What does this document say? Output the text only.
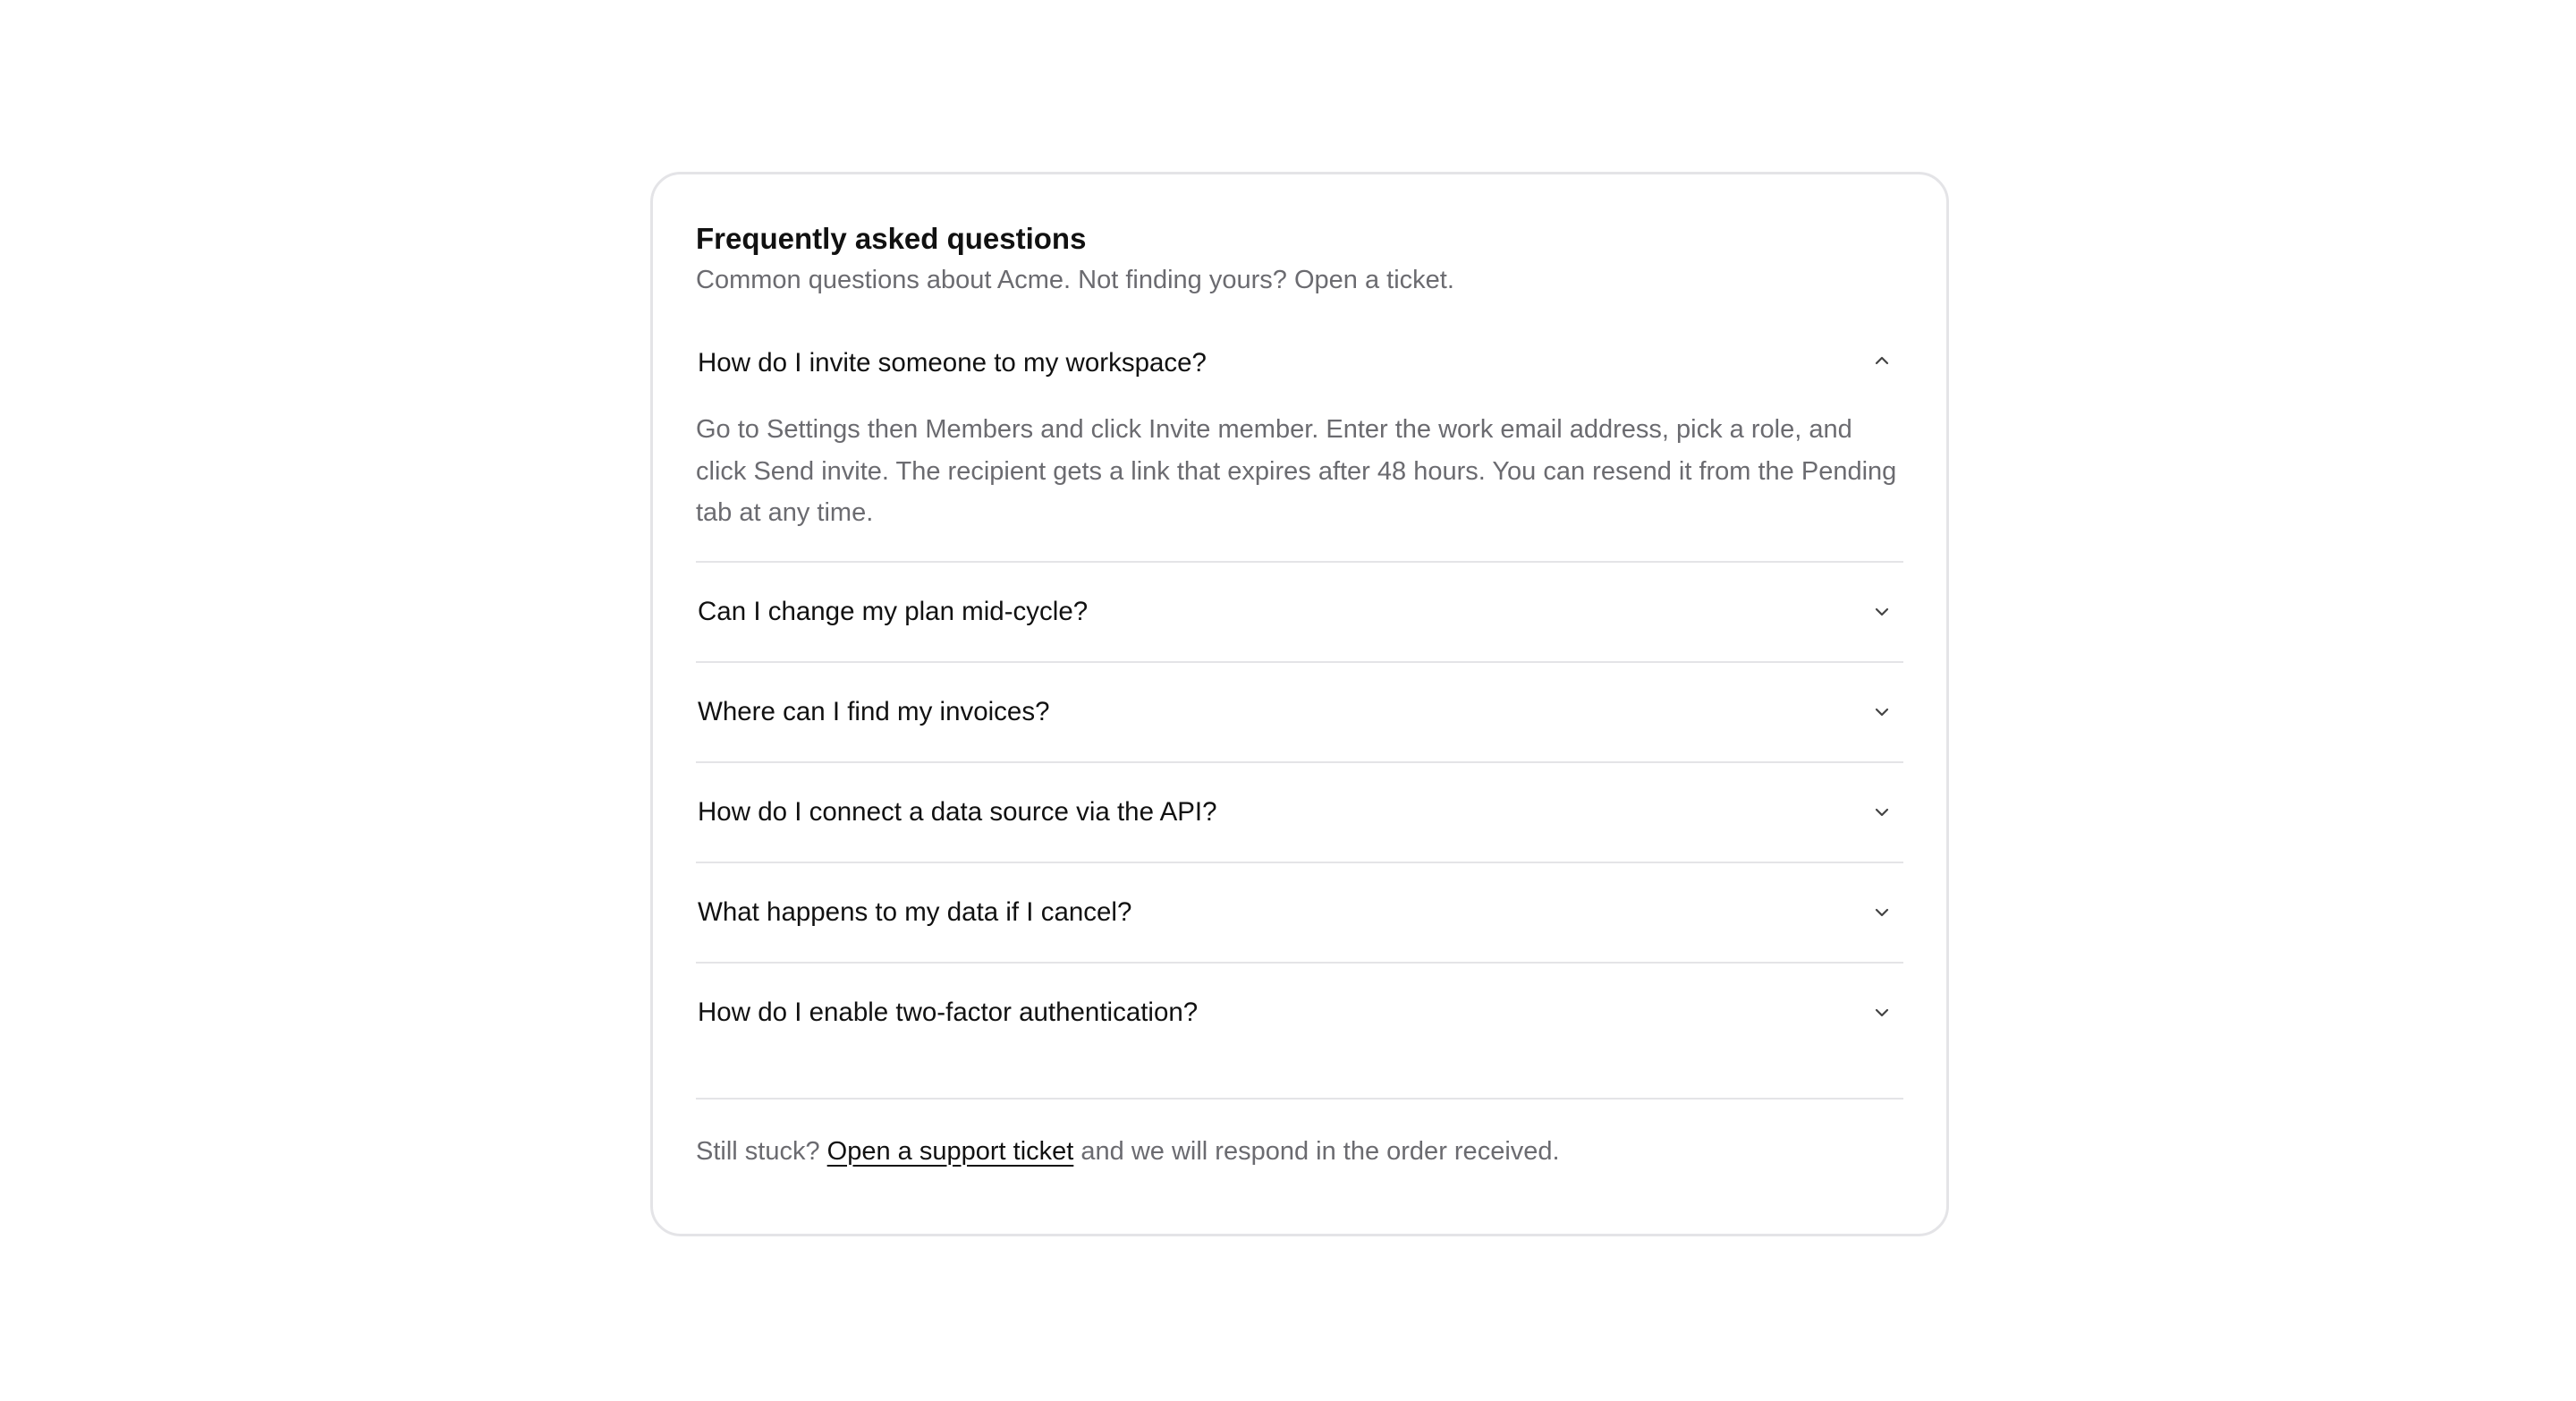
Frequently asked questions

Common questions about Acme. Not finding yours? Open a ticket.

How do I invite someone to my workspace?
Go to Settings then Members and click Invite member. Enter the work email address, pick a role, and click Send invite. The recipient gets a link that expires after 48 hours. You can resend it from the Pending tab at any time.
Can I change my plan mid-cycle?
Where can I find my invoices?
How do I connect a data source via the API?
What happens to my data if I cancel?
How do I enable two-factor authentication?
Still stuck? Open a support ticket and we will respond in the order received.
